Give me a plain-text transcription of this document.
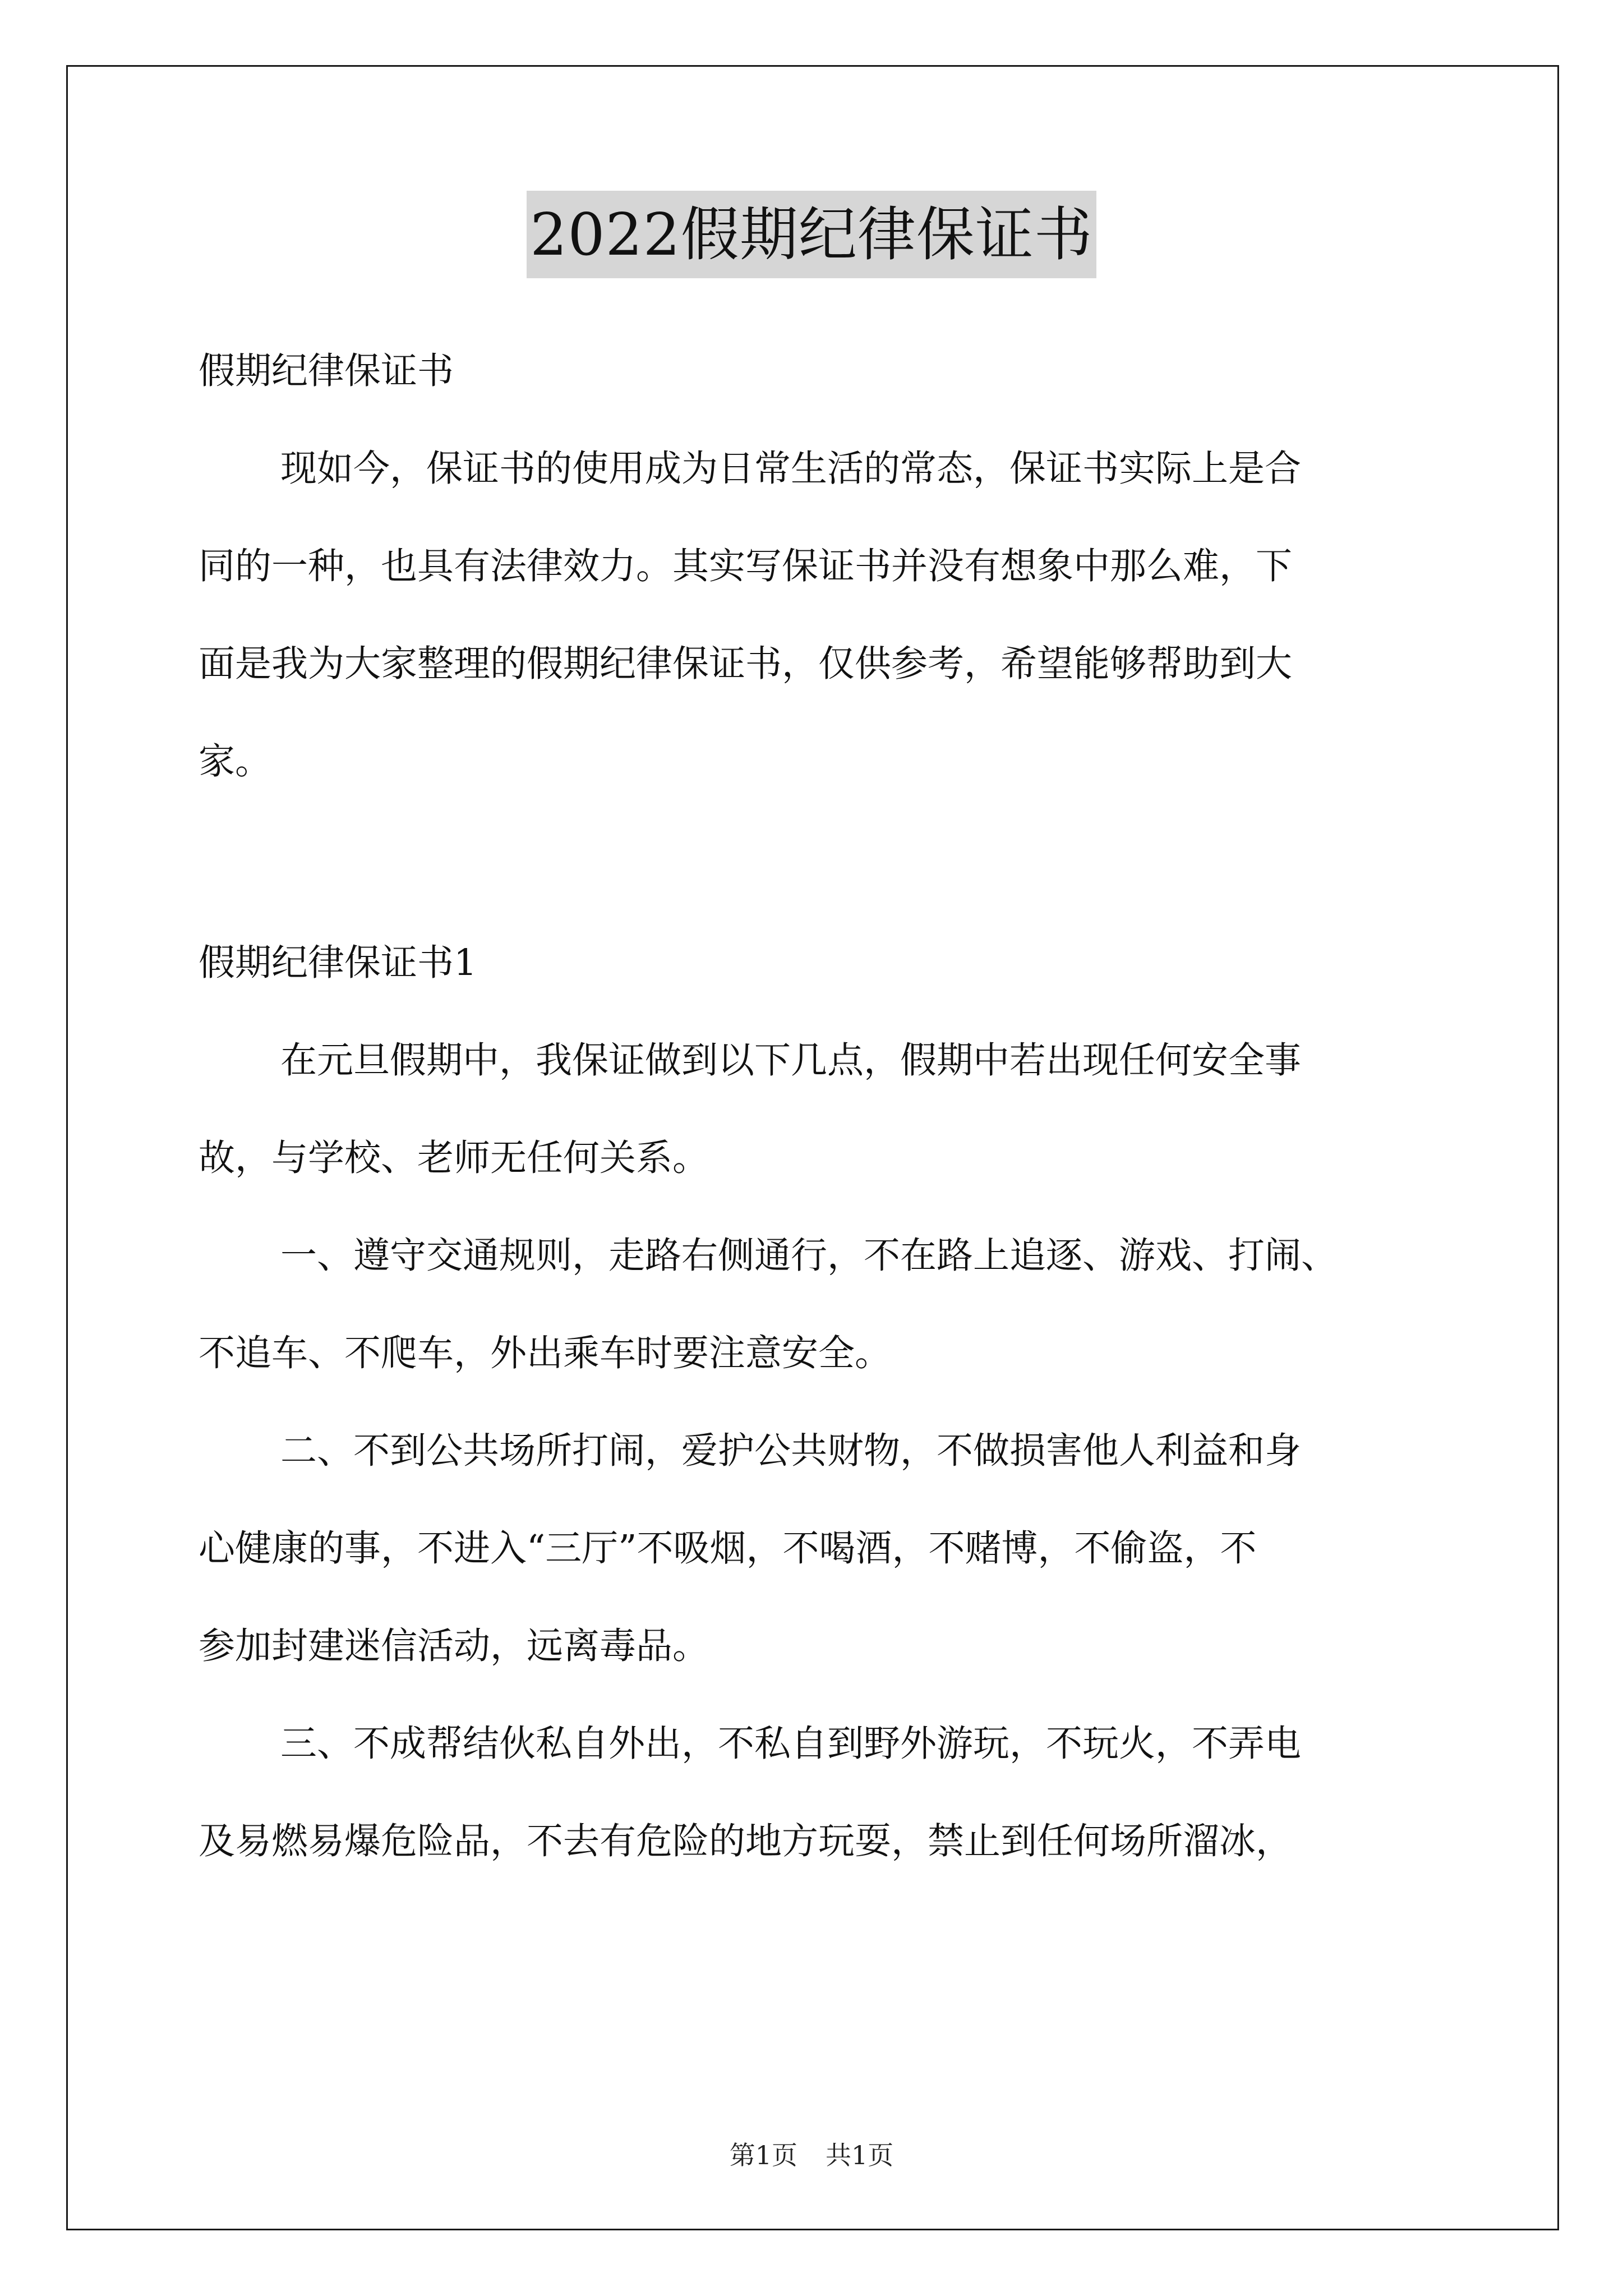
2022假期纪律保证书
假期纪律保证书
现如今，保证书的使用成为日常生活的常态，保证书实际上是合
同的一种，也具有法律效力。其实写保证书并没有想象中那么难，下
面是我为大家整理的假期纪律保证书，仅供参考，希望能够帮助到大
家。
假期纪律保证书1
在元旦假期中，我保证做到以下几点，假期中若出现任何安全事
故，与学校、老师无任何关系。
一、遵守交通规则，走路右侧通行，不在路上追逐、游戏、打闹、
不追车、不爬车，外出乘车时要注意安全。
二、不到公共场所打闹，爱护公共财物，不做损害他人利益和身
心健康的事，不进入“三厅”不吸烟，不喝酒，不赌博，不偷盗，不
参加封建迷信活动，远离毒品。
三、不成帮结伙私自外出，不私自到野外游玩，不玩火，不弄电
及易燃易爆危险品，不去有危险的地方玩耍，禁止到任何场所溜冰，
第1页 共1页
